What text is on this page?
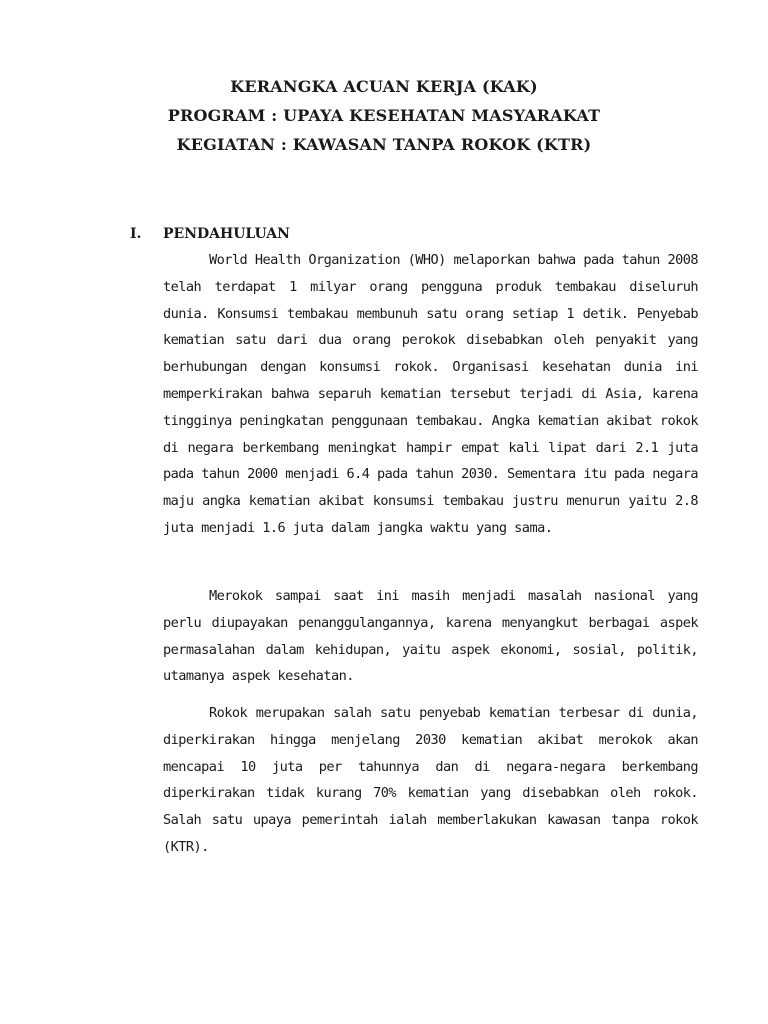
KERANGKA ACUAN KERJA (KAK)
PROGRAM : UPAYA KESEHATAN MASYARAKAT
KEGIATAN : KAWASAN TANPA ROKOK (KTR)
I. PENDAHULUAN

World Health Organization (WHO) melaporkan bahwa pada tahun 2008 telah terdapat 1 milyar orang pengguna produk tembakau diseluruh dunia. Konsumsi tembakau membunuh satu orang setiap 1 detik. Penyebab kematian satu dari dua orang perokok disebabkan oleh penyakit yang berhubungan dengan konsumsi rokok. Organisasi kesehatan dunia ini memperkirakan bahwa separuh kematian tersebut terjadi di Asia, karena tingginya peningkatan penggunaan tembakau. Angka kematian akibat rokok di negara berkembang meningkat hampir empat kali lipat dari 2.1 juta pada tahun 2000 menjadi 6.4 pada tahun 2030. Sementara itu pada negara maju angka kematian akibat konsumsi tembakau justru menurun yaitu 2.8 juta menjadi 1.6 juta dalam jangka waktu yang sama.

Merokok sampai saat ini masih menjadi masalah nasional yang perlu diupayakan penanggulangannya, karena menyangkut berbagai aspek permasalahan dalam kehidupan, yaitu aspek ekonomi, sosial, politik, utamanya aspek kesehatan.

Rokok merupakan salah satu penyebab kematian terbesar di dunia, diperkirakan hingga menjelang 2030 kematian akibat merokok akan mencapai 10 juta per tahunnya dan di negara-negara berkembang diperkirakan tidak kurang 70% kematian yang disebabkan oleh rokok. Salah satu upaya pemerintah ialah memberlakukan kawasan tanpa rokok (KTR).
